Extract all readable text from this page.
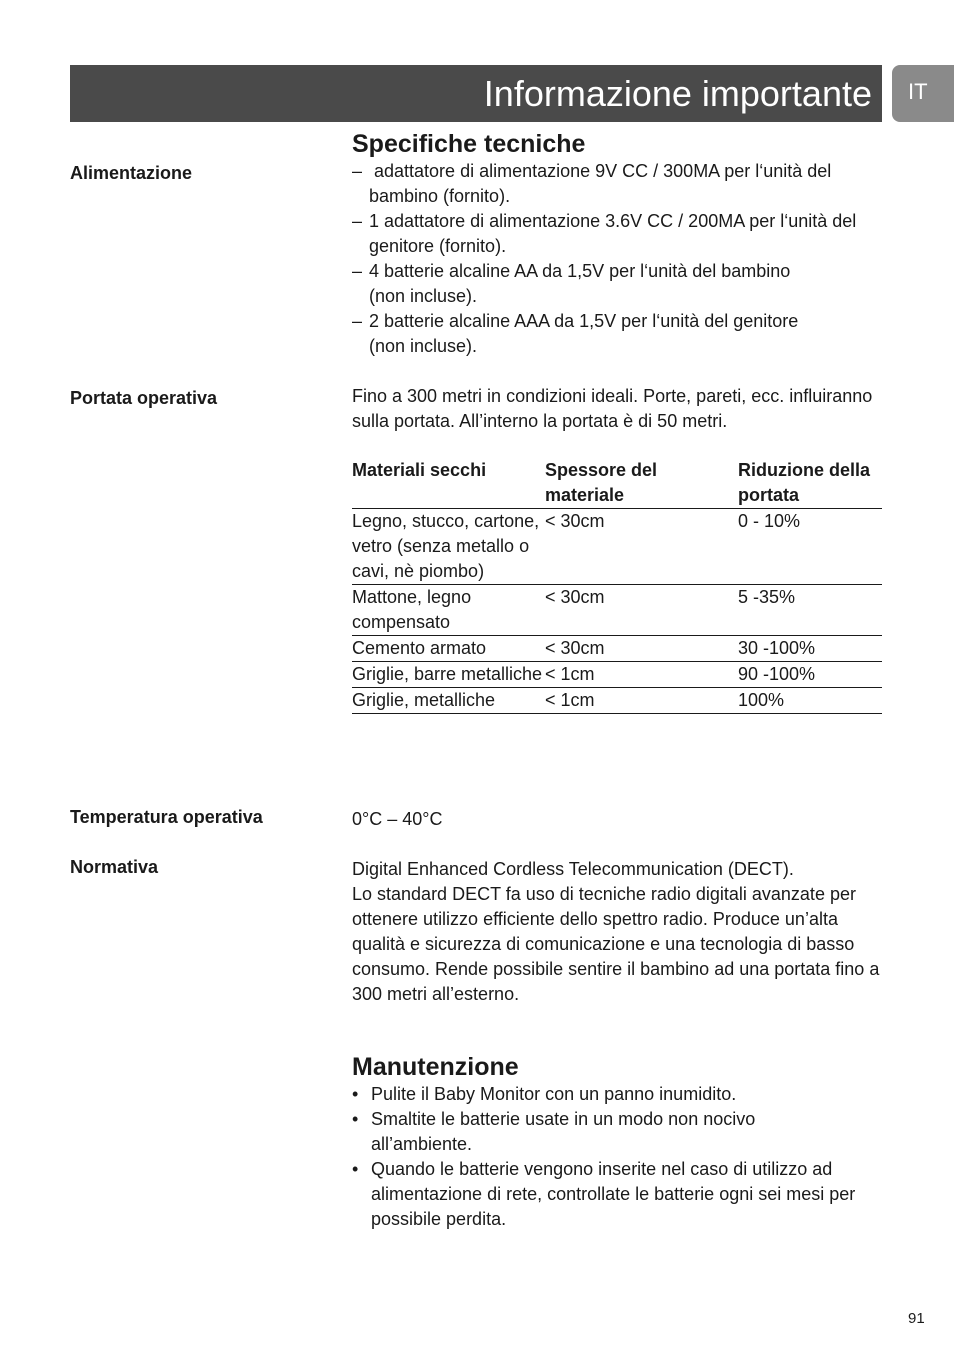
Informazione importante IT
Specifiche tecniche
Alimentazione	– adattatore di alimentazione 9V CC / 300MA per l‘unità del bambino (fornito).
– 1 adattatore di alimentazione 3.6V CC / 200MA per l‘unità del genitore (fornito).
– 4 batterie alcaline AA da 1,5V per l‘unità del bambino (non incluse).
– 2 batterie alcaline AAA da 1,5V per l‘unità del genitore (non incluse).
Portata operativa	Fino a 300 metri in condizioni ideali. Porte, pareti, ecc. influiranno sulla portata. All’interno la portata è di 50 metri.
Materiali secchi	Spessore del materiale	Riduzione della portata
Legno, stucco, cartone, vetro (senza metallo o cavi, nè piombo)	< 30cm	0 - 10%
Mattone, legno compensato	< 30cm	5 -35%
Cemento armato	< 30cm	30 -100%
Griglie, barre metalliche	< 1cm	90 -100%
Griglie, metalliche	< 1cm	100%
Temperatura operativa	0°C – 40°C
Normativa	Digital Enhanced Cordless Telecommunication (DECT).
Lo standard DECT fa uso di tecniche radio digitali avanzate per ottenere utilizzo efficiente dello spettro radio. Produce un’alta qualità e sicurezza di comunicazione e una tecnologia di basso consumo. Rende possibile sentire il bambino ad una portata fino a 300 metri all’esterno.
Manutenzione
• Pulite il Baby Monitor con un panno inumidito.
• Smaltite le batterie usate in un modo non nocivo all’ambiente.
• Quando le batterie vengono inserite nel caso di utilizzo ad alimentazione di rete, controllate le batterie ogni sei mesi per possibile perdita.
91
